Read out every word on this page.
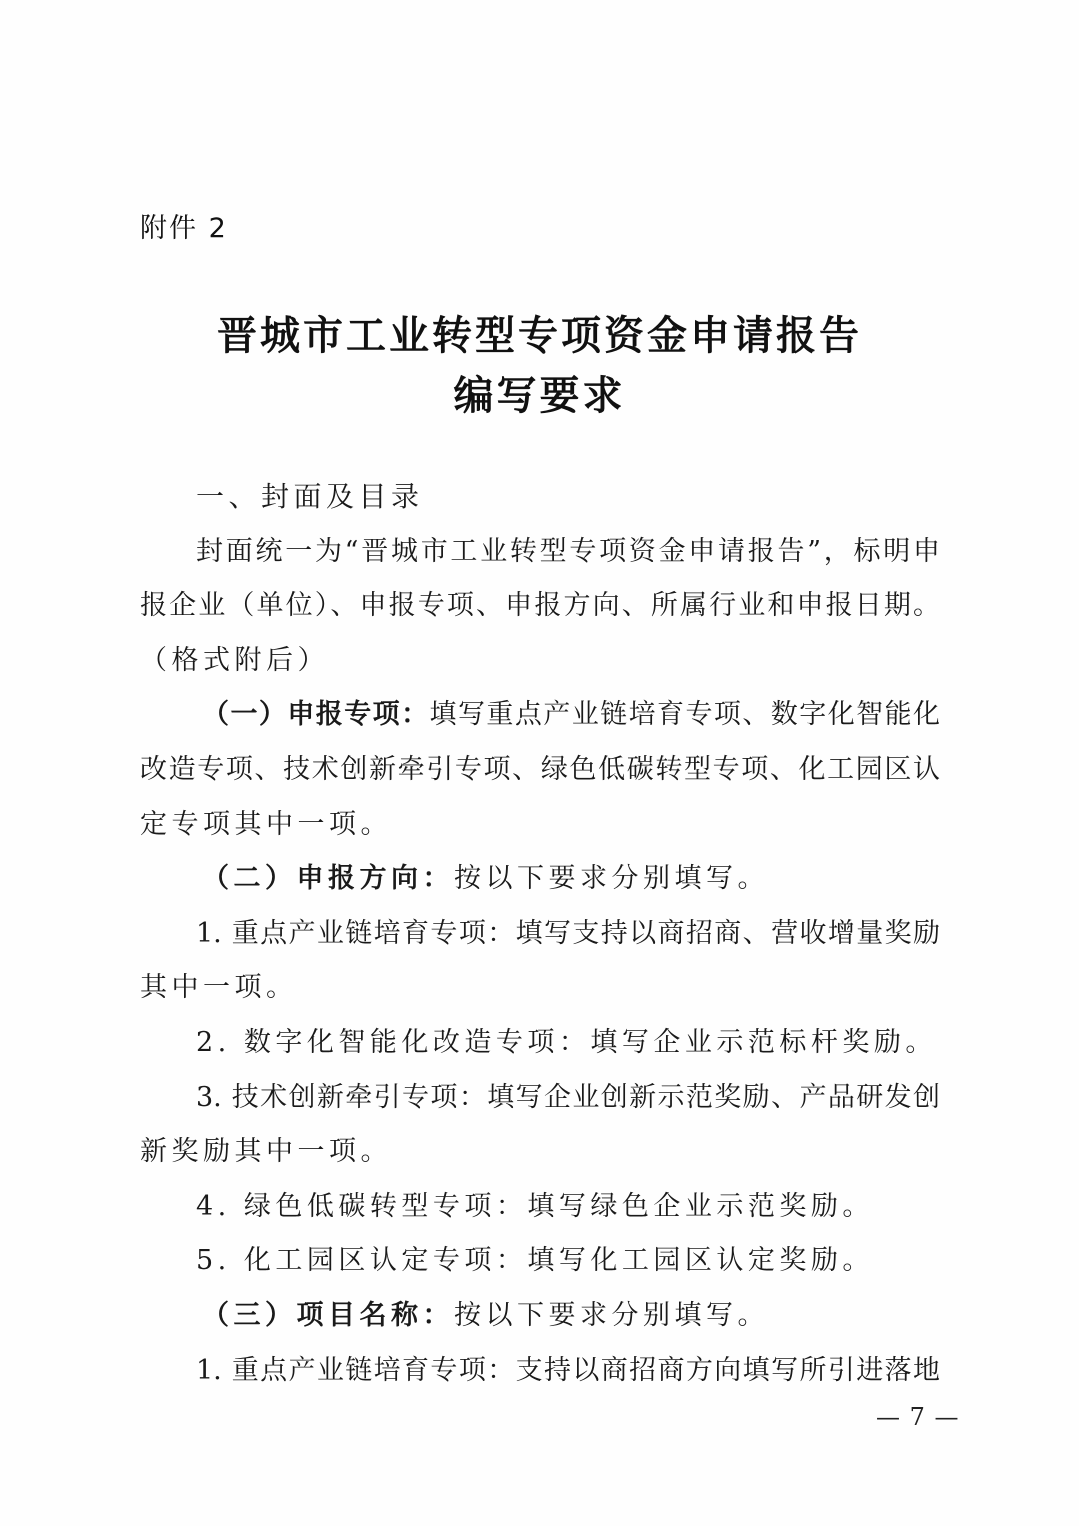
附件 2
晋城市工业转型专项资金申请报告
编写要求
一、封面及目录
封面统一为“晋城市工业转型专项资金申请报告”，标明申
报企业（单位）、申报专项、申报方向、所属行业和申报日期。
（格式附后）
（一）申报专项：填写重点产业链培育专项、数字化智能化
改造专项、技术创新牵引专项、绿色低碳转型专项、化工园区认
定专项其中一项。
（二）申报方向：按以下要求分别填写。
1. 重点产业链培育专项：填写支持以商招商、营收增量奖励
其中一项。
2. 数字化智能化改造专项：填写企业示范标杆奖励。
3. 技术创新牵引专项：填写企业创新示范奖励、产品研发创
新奖励其中一项。
4. 绿色低碳转型专项：填写绿色企业示范奖励。
5. 化工园区认定专项：填写化工园区认定奖励。
（三）项目名称：按以下要求分别填写。
1. 重点产业链培育专项：支持以商招商方向填写所引进落地
— 7 —
